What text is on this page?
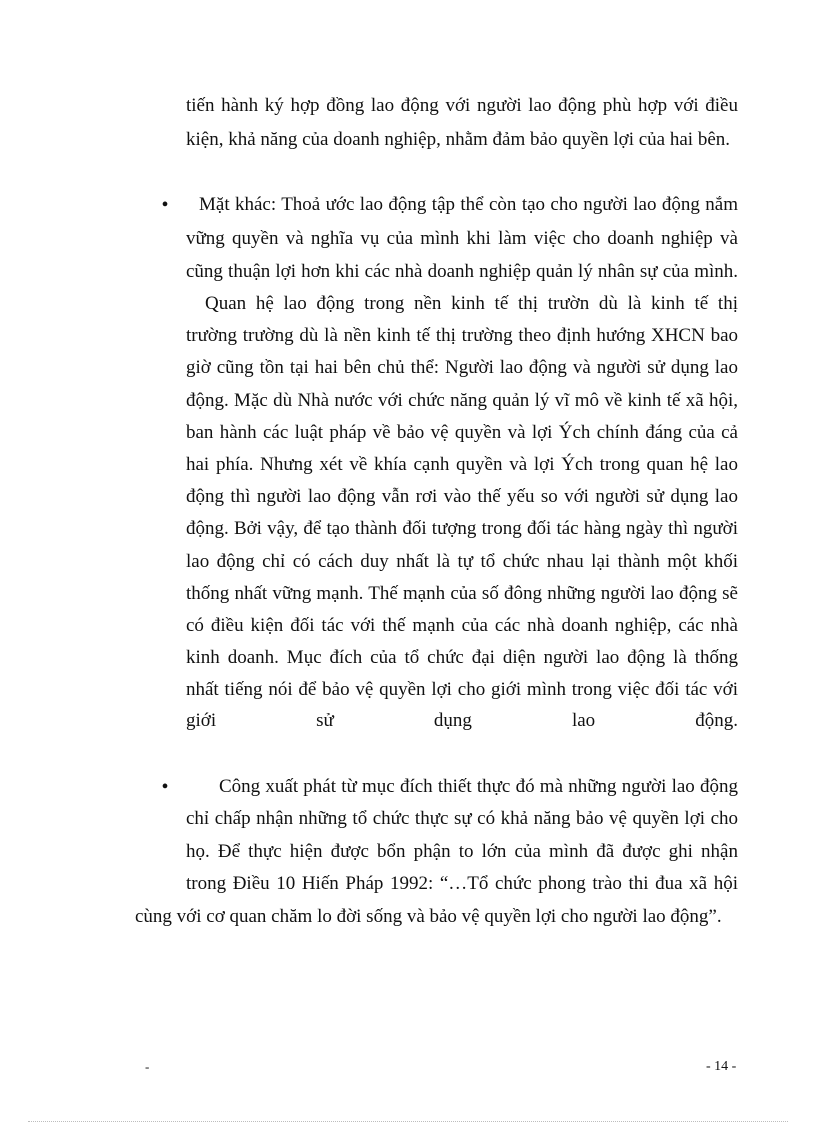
tiến hành ký hợp đồng lao động với người lao động phù hợp với điều
kiện, khả năng của doanh nghiệp, nhằm đảm bảo quyền lợi của hai bên.
• Mặt khác: Thoả ước lao động tập thể còn tạo cho người lao động nắm
vững quyền và nghĩa vụ của mình khi làm việc cho doanh nghiệp và
cũng thuận lợi hơn khi các nhà doanh nghiệp quản lý nhân sự của mình.
Quan hệ lao động trong nền kinh tế thị trườn dù là kinh tế thị
trường trường dù là nền kinh tế thị trường theo định hướng XHCN bao
giờ cũng tồn tại hai bên chủ thể: Người lao động và người sử dụng lao
động. Mặc dù Nhà nước với chức năng quản lý vĩ mô về kinh tế xã hội,
ban hành các luật pháp về bảo vệ quyền và lợi Ých chính đáng của cả
hai phía. Nhưng xét về khía cạnh quyền và lợi Ých trong quan hệ lao
động thì người lao động vẫn rơi vào thế yếu so với người sử dụng lao
động. Bởi vậy, để tạo thành đối tượng trong đối tác hàng ngày thì người
lao động chỉ có cách duy nhất là tự tổ chức nhau lại thành một khối
thống nhất vững mạnh. Thế mạnh của số đông những người lao động sẽ
có điều kiện đối tác với thế mạnh của các nhà doanh nghiệp, các nhà
kinh doanh. Mục đích của tổ chức đại diện người lao động là thống
nhất tiếng nói để bảo vệ quyền lợi cho giới mình trong việc đối tác với
giới sử dụng lao động.
•	Công xuất phát từ mục đích thiết thực đó mà những người lao động
chỉ chấp nhận những tổ chức thực sự có khả năng bảo vệ quyền lợi cho
họ. Để thực hiện được bổn phận to lớn của mình đã được ghi nhận
trong Điều 10 Hiến Pháp 1992: “…Tổ chức phong trào thi đua xã hội
cùng với cơ quan chăm lo đời sống và bảo vệ quyền lợi cho người lao động”.
-	- 14 -
